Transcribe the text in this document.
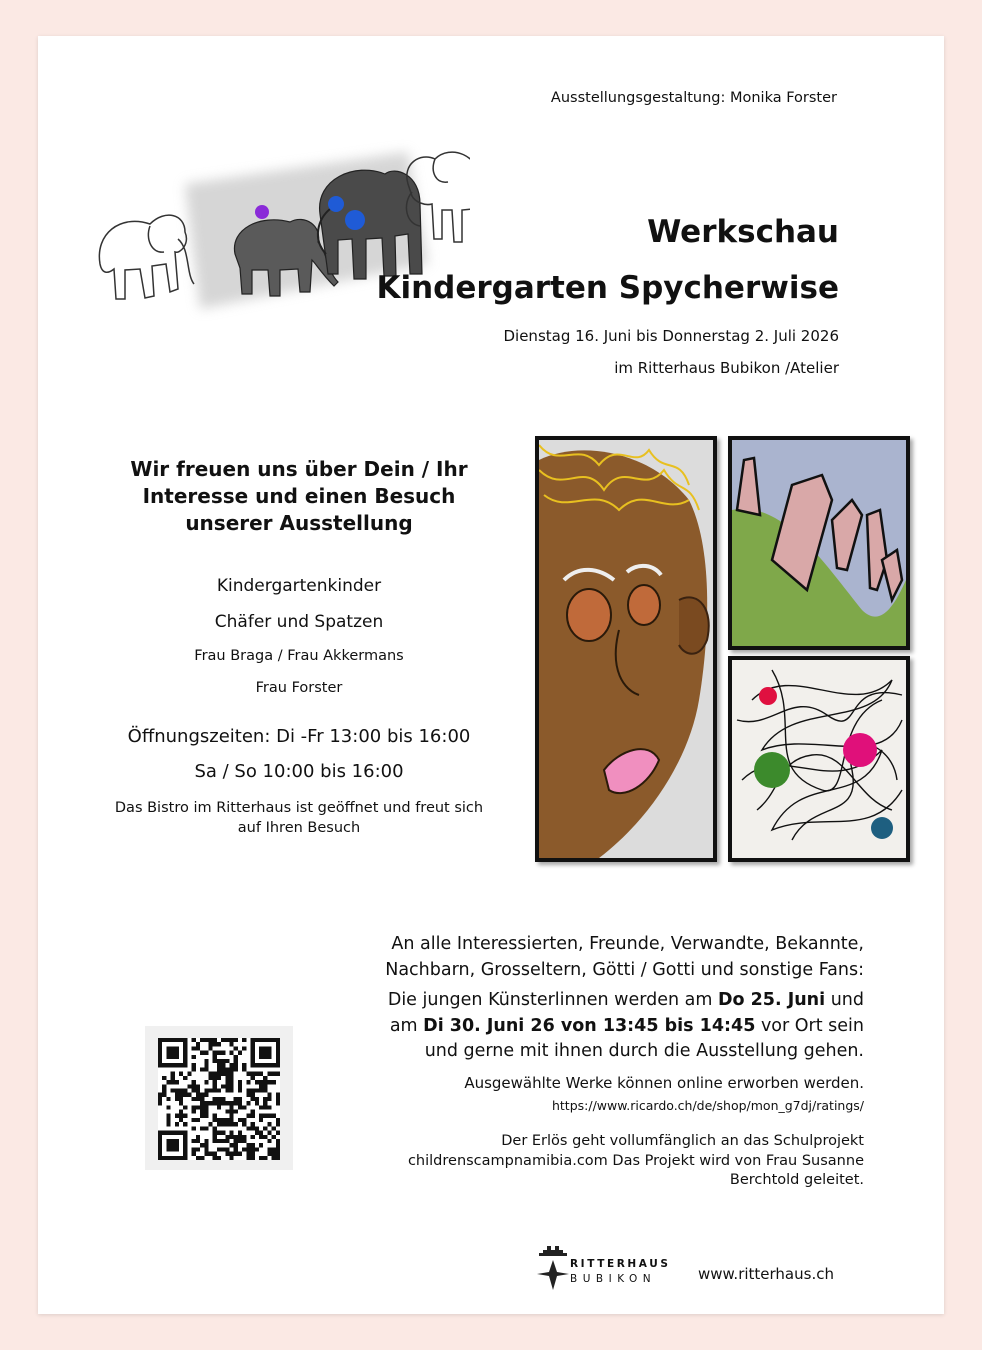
Ausstellungsgestaltung: Monika Forster
Werkschau
Kindergarten Spycherwise
Dienstag 16. Juni bis Donnerstag 2. Juli 2026
im Ritterhaus Bubikon /Atelier
Wir freuen uns über Dein / Ihr
Interesse und einen Besuch
unserer Ausstellung
Kindergartenkinder
Chäfer und Spatzen
Frau Braga / Frau Akkermans
Frau Forster
Öffnungszeiten: Di -Fr 13:00 bis 16:00
Sa / So 10:00 bis 16:00
Das Bistro im Ritterhaus ist geöffnet und freut sich
auf Ihren Besuch
An alle Interessierten, Freunde, Verwandte, Bekannte,
Nachbarn, Grosseltern, Götti / Gotti und sonstige Fans:
Die jungen Künsterlinnen werden am Do 25. Juni und
am Di 30. Juni 26 von 13:45 bis 14:45 vor Ort sein
und gerne mit ihnen durch die Ausstellung gehen.
Ausgewählte Werke können online erworben werden.
https://www.ricardo.ch/de/shop/mon_g7dj/ratings/
Der Erlös geht vollumfänglich an das Schulprojekt
childrenscampnamibia.com Das Projekt wird von Frau Susanne
Berchtold geleitet.
RITTERHAUS
BUBIKON	www.ritterhaus.ch
